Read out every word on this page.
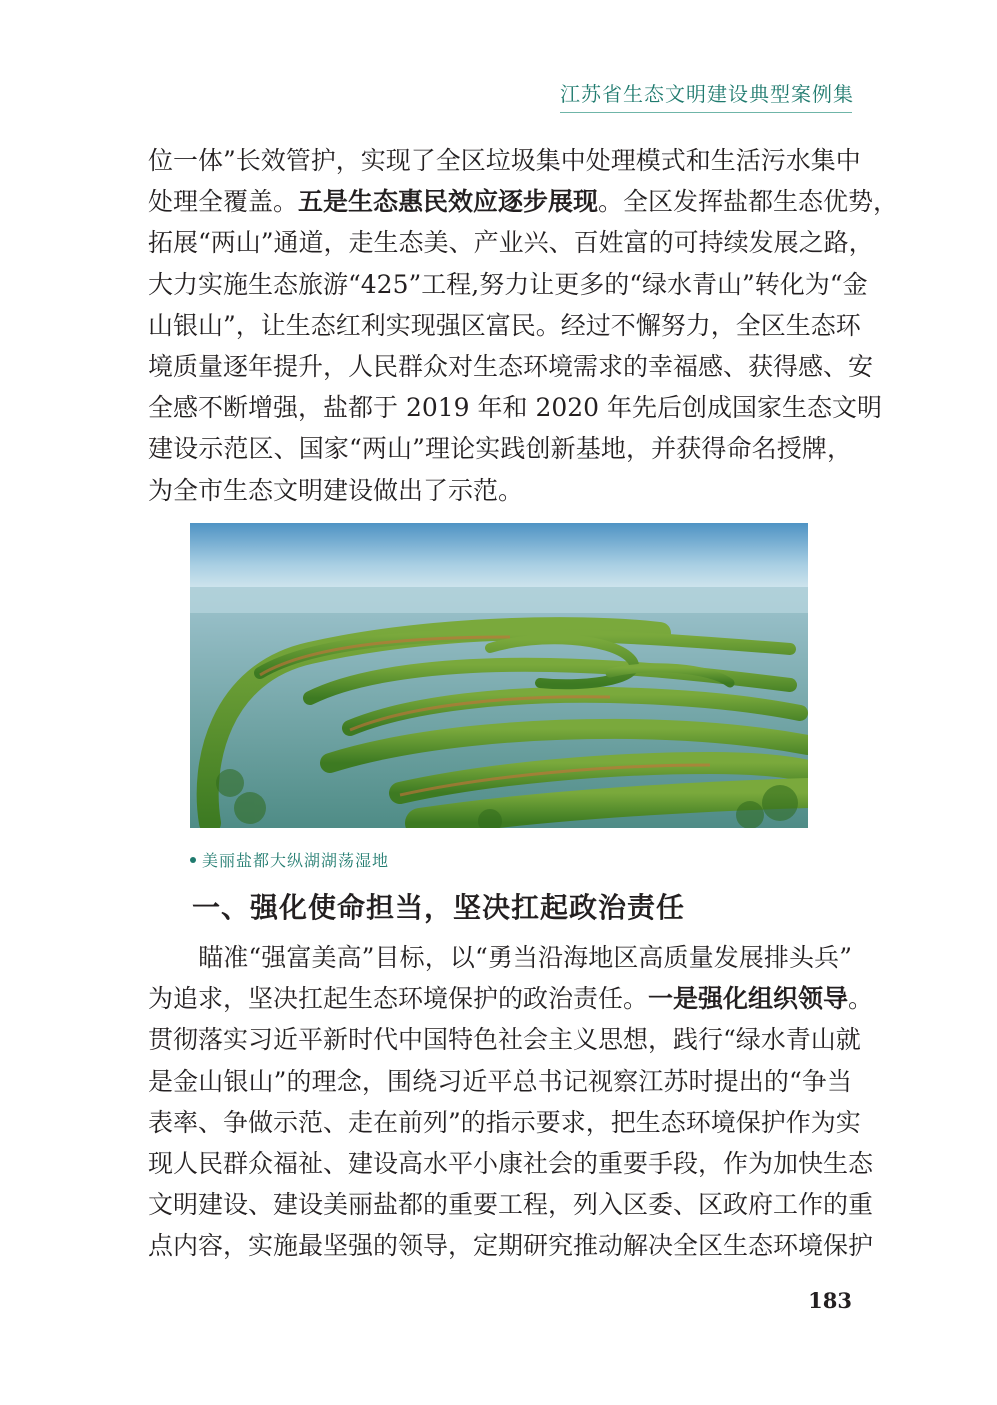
江苏省生态文明建设典型案例集
位一体”长效管护，实现了全区垃圾集中处理模式和生活污水集中
处理全覆盖。五是生态惠民效应逐步展现。全区发挥盐都生态优势，
拓展“两山”通道，走生态美、产业兴、百姓富的可持续发展之路，
大力实施生态旅游“425”工程,努力让更多的“绿水青山”转化为“金
山银山”，让生态红利实现强区富民。经过不懈努力，全区生态环
境质量逐年提升，人民群众对生态环境需求的幸福感、获得感、安
全感不断增强，盐都于 2019 年和 2020 年先后创成国家生态文明
建设示范区、国家“两山”理论实践创新基地，并获得命名授牌，
为全市生态文明建设做出了示范。
美丽盐都大纵湖湖荡湿地
一、强化使命担当，坚决扛起政治责任
　　瞄准“强富美高”目标，以“勇当沿海地区高质量发展排头兵”
为追求，坚决扛起生态环境保护的政治责任。一是强化组织领导。
贯彻落实习近平新时代中国特色社会主义思想，践行“绿水青山就
是金山银山”的理念，围绕习近平总书记视察江苏时提出的“争当
表率、争做示范、走在前列”的指示要求，把生态环境保护作为实
现人民群众福祉、建设高水平小康社会的重要手段，作为加快生态
文明建设、建设美丽盐都的重要工程，列入区委、区政府工作的重
点内容，实施最坚强的领导，定期研究推动解决全区生态环境保护
183
